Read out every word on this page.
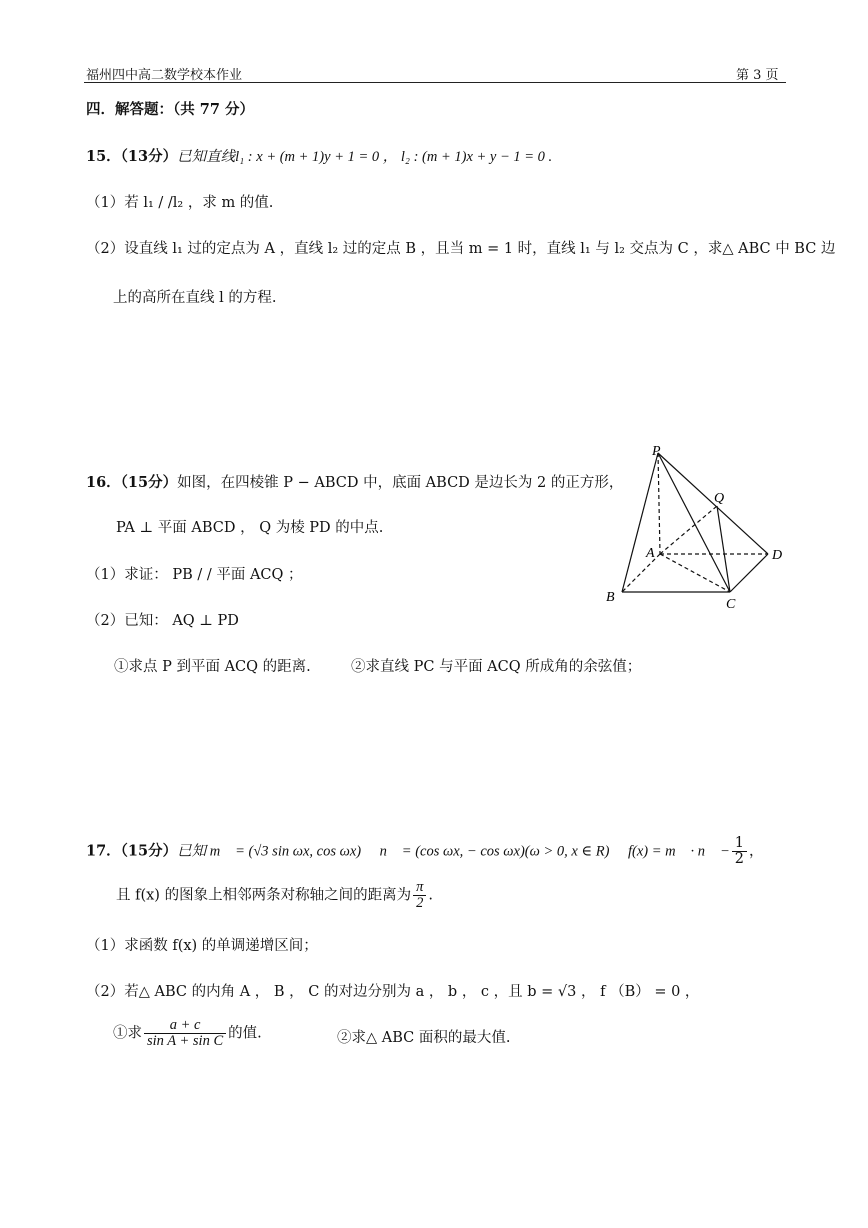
福州四中高二数学校本作业	第 3 页
四．解答题：（共 77 分）
15．（13分）已知直线l₁ : x + (m + 1)y + 1 = 0 ， l₂ : (m + 1)x + y − 1 = 0 .
（1）若 l₁ / /l₂ ，求 m 的值.
（2）设直线 l₁ 过的定点为 A ，直线 l₂ 过的定点 B ，且当 m = 1 时，直线 l₁ 与 l₂ 交点为 C ，求△ ABC 中 BC 边
上的高所在直线 l 的方程.
16．（15分）如图，在四棱锥 P − ABCD 中，底面 ABCD 是边长为 2 的正方形，
PA ⊥ 平面 ABCD ， Q 为棱 PD 的中点.
（1）求证： PB / / 平面 ACQ ；
（2）已知： AQ ⊥ PD
①求点 P 到平面 ACQ 的距离.	②求直线 PC 与平面 ACQ 所成角的余弦值；
P
Q
A	D
B	C
17．（15分）已知 m⃗ = (√3 sin ωx, cos ωx) ， n⃗ = (cos ωx, − cos ωx)(ω > 0, x ∈ R) ， f(x) = m⃗ · n⃗ − $\frac{1}{2}$ ，
且 f(x) 的图象上相邻两条对称轴之间的距离为 $\frac{\pi}{2}$ .
（1）求函数 f(x) 的单调递增区间；
（2）若△ ABC 的内角 A ， B ， C 的对边分别为 a ， b ， c ，且 b = √3 ， f （B） = 0 ，
①求 $\frac{a + c}{\text{sin A + sin C}}$ 的值.	②求△ ABC 面积的最大值.
